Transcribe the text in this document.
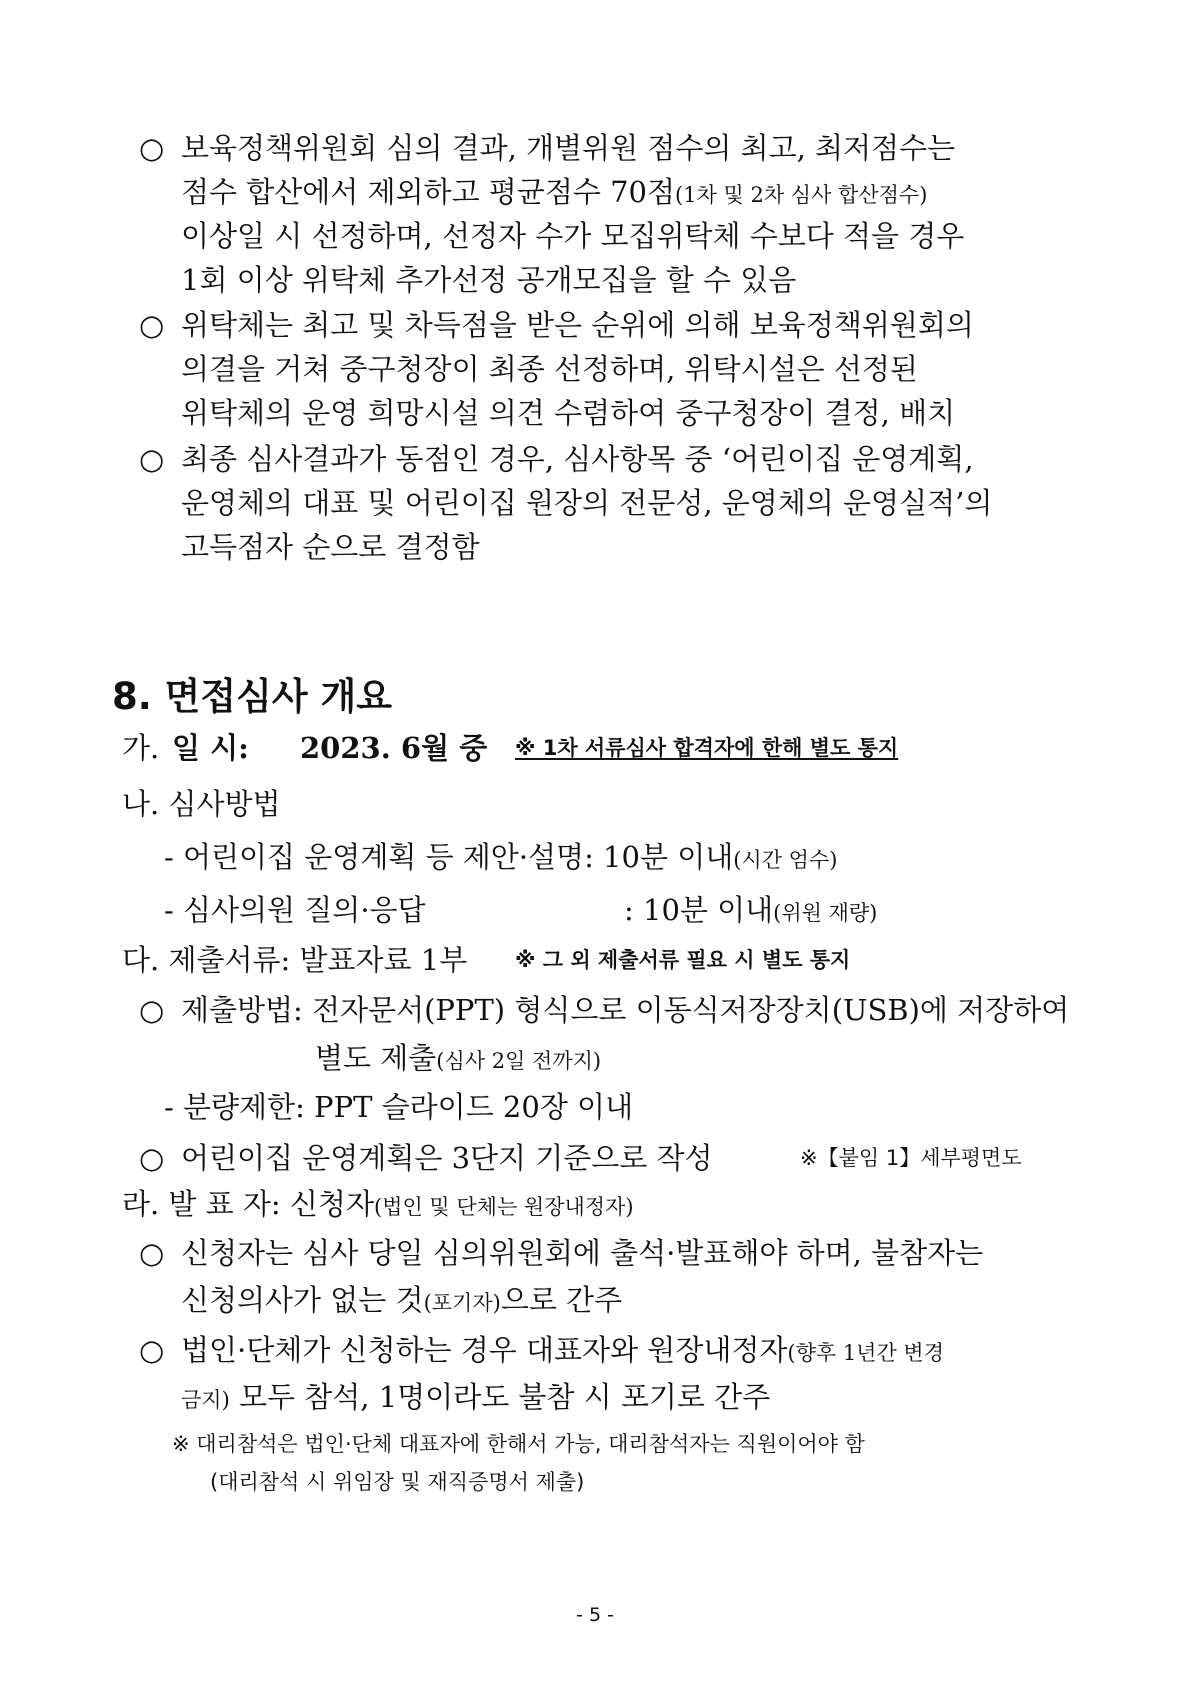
○ 보육정책위원회 심의 결과, 개별위원 점수의 최고, 최저점수는
점수 합산에서 제외하고 평균점수 70점(1차 및 2차 심사 합산점수)
이상일 시 선정하며, 선정자 수가 모집위탁체 수보다 적을 경우
1회 이상 위탁체 추가선정 공개모집을 할 수 있음
○ 위탁체는 최고 및 차득점을 받은 순위에 의해 보육정책위원회의
의결을 거쳐 중구청장이 최종 선정하며, 위탁시설은 선정된
위탁체의 운영 희망시설 의견 수렴하여 중구청장이 결정, 배치
○ 최종 심사결과가 동점인 경우, 심사항목 중 ‘어린이집 운영계획,
운영체의 대표 및 어린이집 원장의 전문성, 운영체의 운영실적’의
고득점자 순으로 결정함
8. 면접심사 개요
가. 일 시: 2023. 6월 중 ※ 1차 서류심사 합격자에 한해 별도 통지
나. 심사방법
- 어린이집 운영계획 등 제안·설명: 10분 이내(시간 엄수)
- 심사의원 질의·응답	: 10분 이내(위원 재량)
다. 제출서류: 발표자료 1부 ※ 그 외 제출서류 필요 시 별도 통지
○ 제출방법: 전자문서(PPT) 형식으로 이동식저장장치(USB)에 저장하여
별도 제출(심사 2일 전까지)
- 분량제한: PPT 슬라이드 20장 이내
○ 어린이집 운영계획은 3단지 기준으로 작성	※【붙임 1】세부평면도
라. 발 표 자: 신청자(법인 및 단체는 원장내정자)
○ 신청자는 심사 당일 심의위원회에 출석·발표해야 하며, 불참자는
신청의사가 없는 것(포기자)으로 간주
○ 법인·단체가 신청하는 경우 대표자와 원장내정자(향후 1년간 변경
금지) 모두 참석, 1명이라도 불참 시 포기로 간주
※ 대리참석은 법인·단체 대표자에 한해서 가능, 대리참석자는 직원이어야 함
(대리참석 시 위임장 및 재직증명서 제출)
- 5 -
